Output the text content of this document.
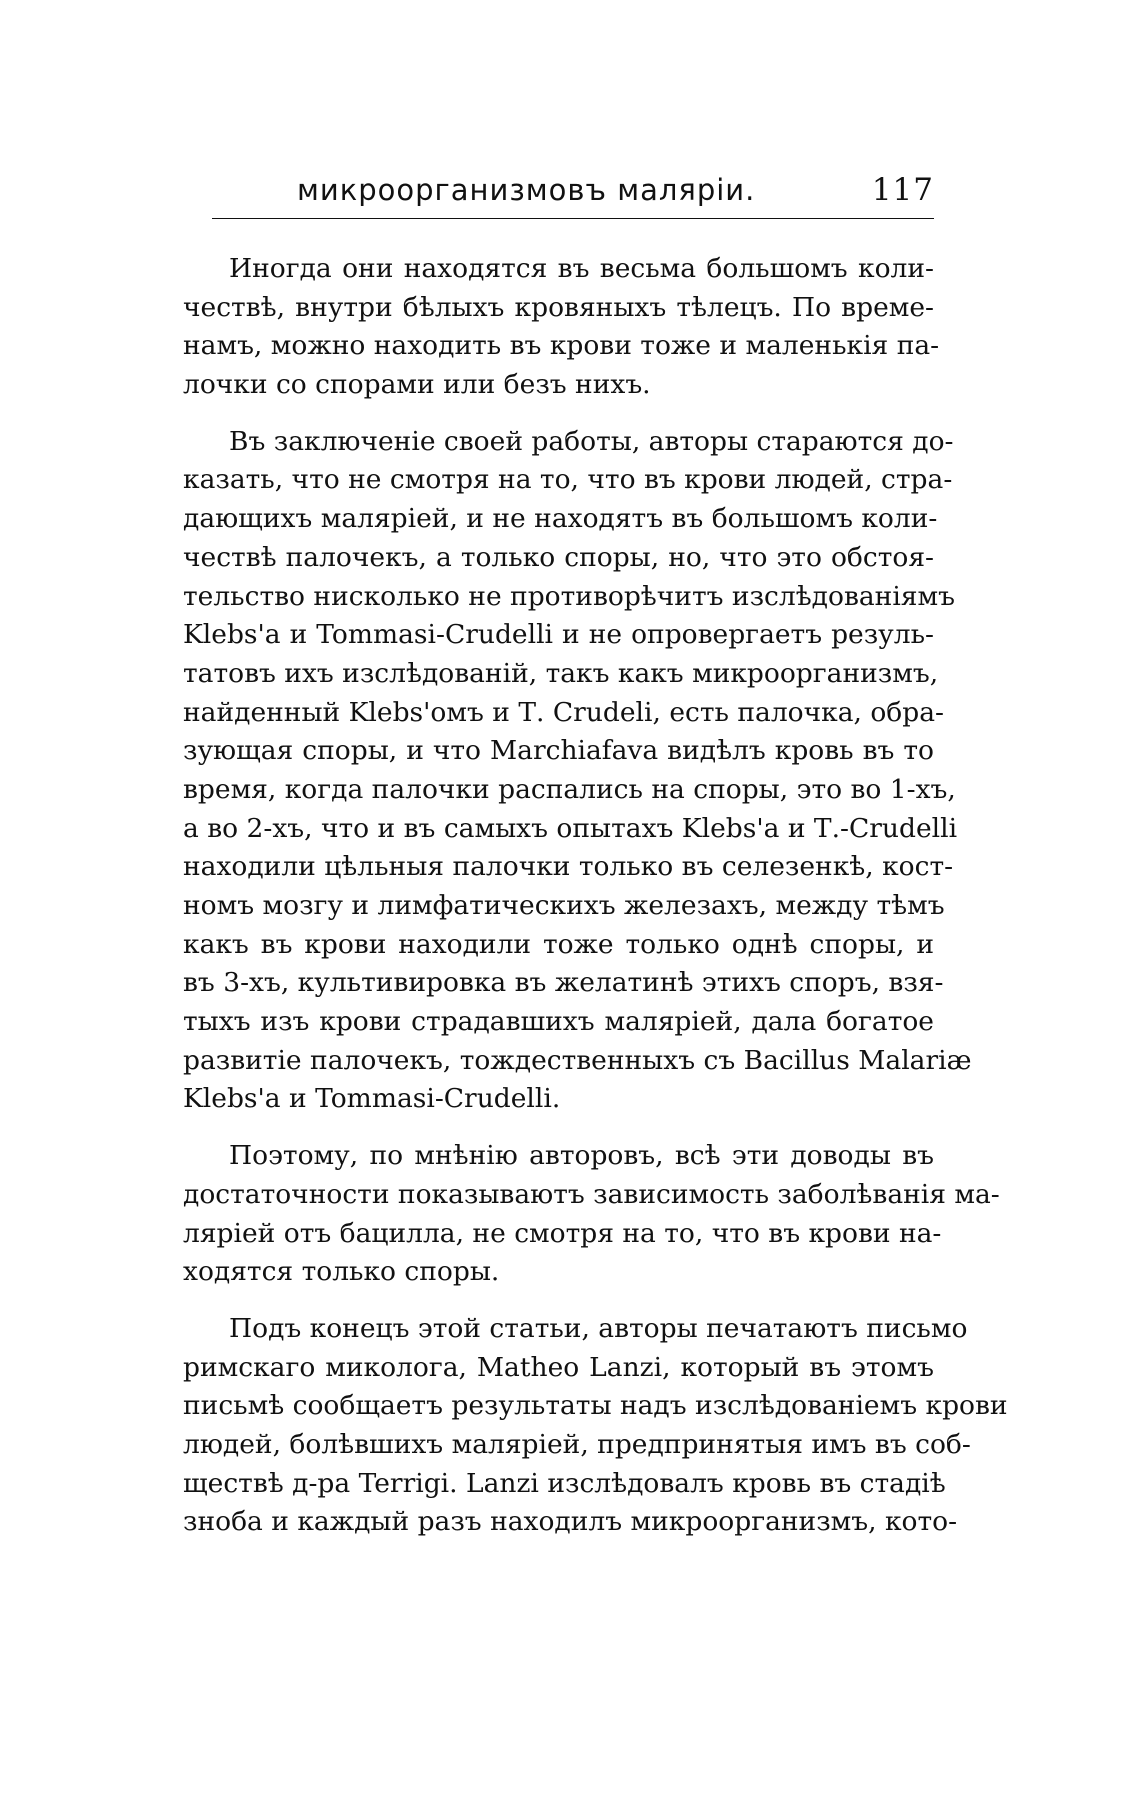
микроорганизмовъ малярiи.	117
Иногда они находятся въ весьма большомъ коли-
чествѣ, внутри бѣлыхъ кровяныхъ тѣлецъ. По време-
намъ, можно находить въ крови тоже и маленькiя па-
лочки со спорами или безъ нихъ.
Въ заключенiе своей работы, авторы стараются до-
казать, что не смотря на то, что въ крови людей, стра-
дающихъ малярiей, и не находятъ въ большомъ коли-
чествѣ палочекъ, а только споры, но, что это обстоя-
тельство нисколько не противорѣчитъ изслѣдованiямъ
Klebs'а и Tommasi-Crudelli и не опровергаетъ резуль-
татовъ ихъ изслѣдованiй, такъ какъ микроорганизмъ,
найденный Klebs'омъ и Т. Crudeli, есть палочка, обра-
зующая споры, и что Marchiafava видѣлъ кровь въ то
время, когда палочки распались на споры, это во 1-хъ,
а во 2-хъ, что и въ самыхъ опытахъ Klebs'а и Т.-Crudelli
находили цѣльныя палочки только въ селезенкѣ, кост-
номъ мозгу и лимфатическихъ железахъ, между тѣмъ
какъ въ крови находили тоже только однѣ споры, и
въ 3-хъ, культивировка въ желатинѣ этихъ споръ, взя-
тыхъ изъ крови страдавшихъ малярiей, дала богатое
развитiе палочекъ, тождественныхъ съ Bacillus Malariæ
Klebs'а и Tommasi-Crudelli.
Поэтому, по мнѣнiю авторовъ, всѣ эти доводы въ
достаточности показываютъ зависимость заболѣванiя ма-
лярiей отъ бацилла, не смотря на то, что въ крови на-
ходятся только споры.
Подъ конецъ этой статьи, авторы печатаютъ письмо
римскаго миколога, Matheo Lanzi, который въ этомъ
письмѣ сообщаетъ результаты надъ изслѣдованiемъ крови
людей, болѣвшихъ малярiей, предпринятыя имъ въ соб-
ществѣ д-ра Terrigi. Lanzi изслѣдовалъ кровь въ стадiѣ
зноба и каждый разъ находилъ микроорганизмъ, кото-
